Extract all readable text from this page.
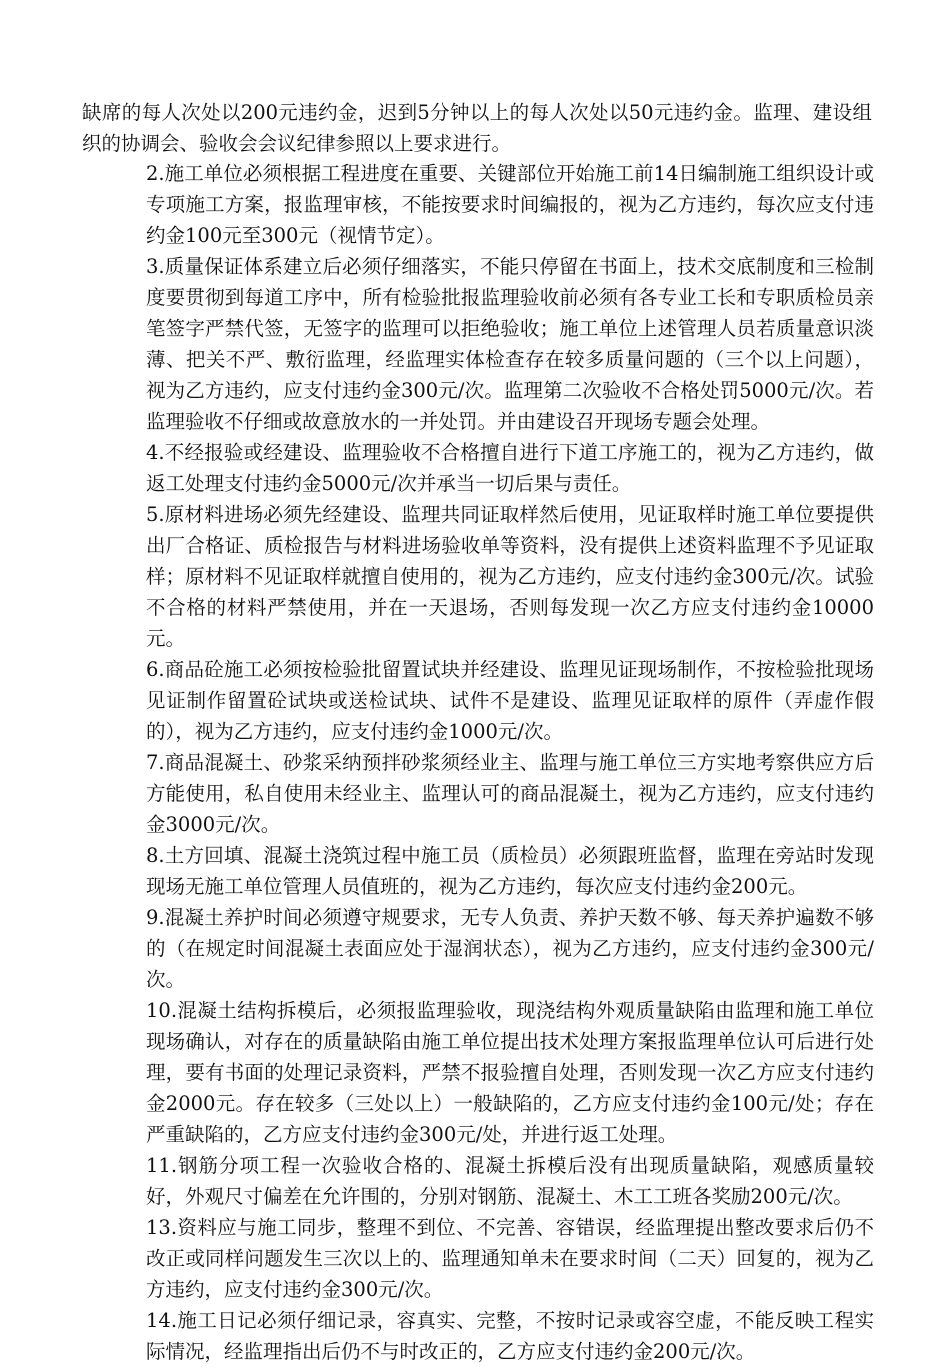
缺席的每人次处以200元违约金，迟到5分钟以上的每人次处以50元违约金。监理、建设组织的协调会、验收会会议纪律参照以上要求进行。

2.施工单位必须根据工程进度在重要、关键部位开始施工前14日编制施工组织设计或专项施工方案，报监理审核，不能按要求时间编报的，视为乙方违约，每次应支付违约金100元至300元（视情节定）。

3.质量保证体系建立后必须仔细落实，不能只停留在书面上，技术交底制度和三检制度要贯彻到每道工序中，所有检验批报监理验收前必须有各专业工长和专职质检员亲笔签字严禁代签，无签字的监理可以拒绝验收；施工单位上述管理人员若质量意识淡薄、把关不严、敷衍监理，经监理实体检查存在较多质量问题的（三个以上问题），视为乙方违约，应支付违约金300元/次。监理第二次验收不合格处罚5000元/次。若监理验收不仔细或故意放水的一并处罚。并由建设召开现场专题会处理。

4.不经报验或经建设、监理验收不合格擅自进行下道工序施工的，视为乙方违约，做返工处理支付违约金5000元/次并承当一切后果与责任。

5.原材料进场必须先经建设、监理共同证取样然后使用，见证取样时施工单位要提供出厂合格证、质检报告与材料进场验收单等资料，没有提供上述资料监理不予见证取样；原材料不见证取样就擅自使用的，视为乙方违约，应支付违约金300元/次。试验不合格的材料严禁使用，并在一天退场，否则每发现一次乙方应支付违约金10000元。

6.商品砼施工必须按检验批留置试块并经建设、监理见证现场制作，不按检验批现场见证制作留置砼试块或送检试块、试件不是建设、监理见证取样的原件（弄虚作假的），视为乙方违约，应支付违约金1000元/次。

7.商品混凝土、砂浆采纳预拌砂浆须经业主、监理与施工单位三方实地考察供应方后方能使用，私自使用未经业主、监理认可的商品混凝土，视为乙方违约，应支付违约金3000元/次。

8.土方回填、混凝土浇筑过程中施工员（质检员）必须跟班监督，监理在旁站时发现现场无施工单位管理人员值班的，视为乙方违约，每次应支付违约金200元。

9.混凝土养护时间必须遵守规要求，无专人负责、养护天数不够、每天养护遍数不够的（在规定时间混凝土表面应处于湿润状态），视为乙方违约，应支付违约金300元/次。

10.混凝土结构拆模后，必须报监理验收，现浇结构外观质量缺陷由监理和施工单位现场确认，对存在的质量缺陷由施工单位提出技术处理方案报监理单位认可后进行处理，要有书面的处理记录资料，严禁不报验擅自处理，否则发现一次乙方应支付违约金2000元。存在较多（三处以上）一般缺陷的，乙方应支付违约金100元/处；存在严重缺陷的，乙方应支付违约金300元/处，并进行返工处理。

11.钢筋分项工程一次验收合格的、混凝土拆模后没有出现质量缺陷，观感质量较好，外观尺寸偏差在允许围的，分别对钢筋、混凝土、木工工班各奖励200元/次。

13.资料应与施工同步，整理不到位、不完善、容错误，经监理提出整改要求后仍不改正或同样问题发生三次以上的、监理通知单未在要求时间（二天）回复的，视为乙方违约，应支付违约金300元/次。

14.施工日记必须仔细记录，容真实、完整，不按时记录或容空虚，不能反映工程实际情况，经监理指出后仍不与时改正的，乙方应支付违约金200元/次。
